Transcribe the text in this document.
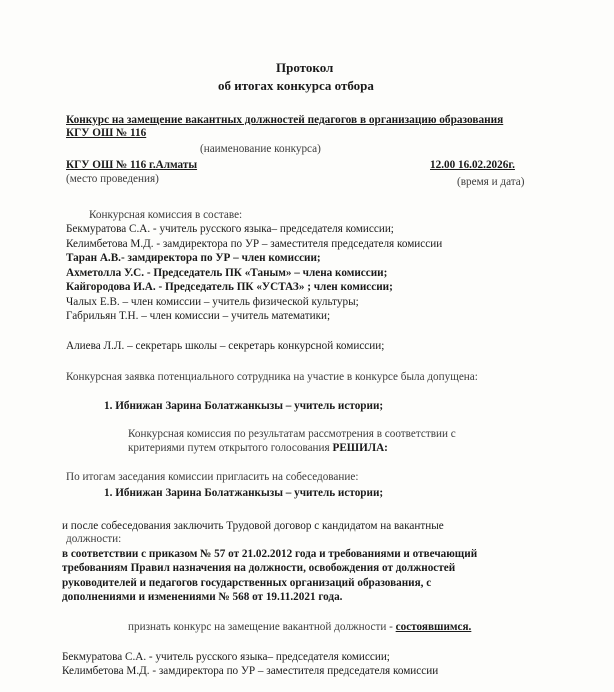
Протокол
об итогах конкурса отбора
Конкурс на замещение вакантных должностей педагогов в организацию образования
КГУ ОШ № 116
(наименование конкурса)
КГУ ОШ № 116 г.Алматы	12.00 16.02.2026г.
(место проведения)	(время и дата)
Конкурсная комиссия в составе:
Бекмуратова С.А. - учитель русского языка– председателя комиссии;
Келимбетова М.Д. - замдиректора по УР – заместителя председателя комиссии
Таран А.В.- замдиректора по УР – член комиссии;
Ахметолла У.С. - Председатель ПК «Таным» – члена комиссии;
Кайгородова И.А. - Председатель ПК «УСТАЗ» ; член комиссии;
Чалых Е.В. – член комиссии – учитель физической культуры;
Габрильян Т.Н. – член комиссии – учитель математики;
Алиева Л.Л. – секретарь школы – секретарь конкурсной комиссии;
Конкурсная заявка потенциального сотрудника на участие в конкурсе была допущена:
1. Ибнижан Зарина Болатжанкызы – учитель истории;
Конкурсная комиссия по результатам рассмотрения в соответствии с
критериями путем открытого голосования РЕШИЛА:
По итогам заседания комиссии пригласить на собеседование:
1. Ибнижан Зарина Болатжанкызы – учитель истории;
и после собеседования заключить Трудовой договор с кандидатом на вакантные
должности:
в соответствии с приказом № 57 от 21.02.2012 года и требованиями и отвечающий
требованиям Правил назначения на должности, освобождения от должностей
руководителей и педагогов государственных организаций образования, с
дополнениями и изменениями № 568 от 19.11.2021 года.
признать конкурс на замещение вакантной должности - состоявшимся.
Бекмуратова С.А. - учитель русского языка– председателя комиссии;
Келимбетова М.Д. - замдиректора по УР – заместителя председателя комиссии
